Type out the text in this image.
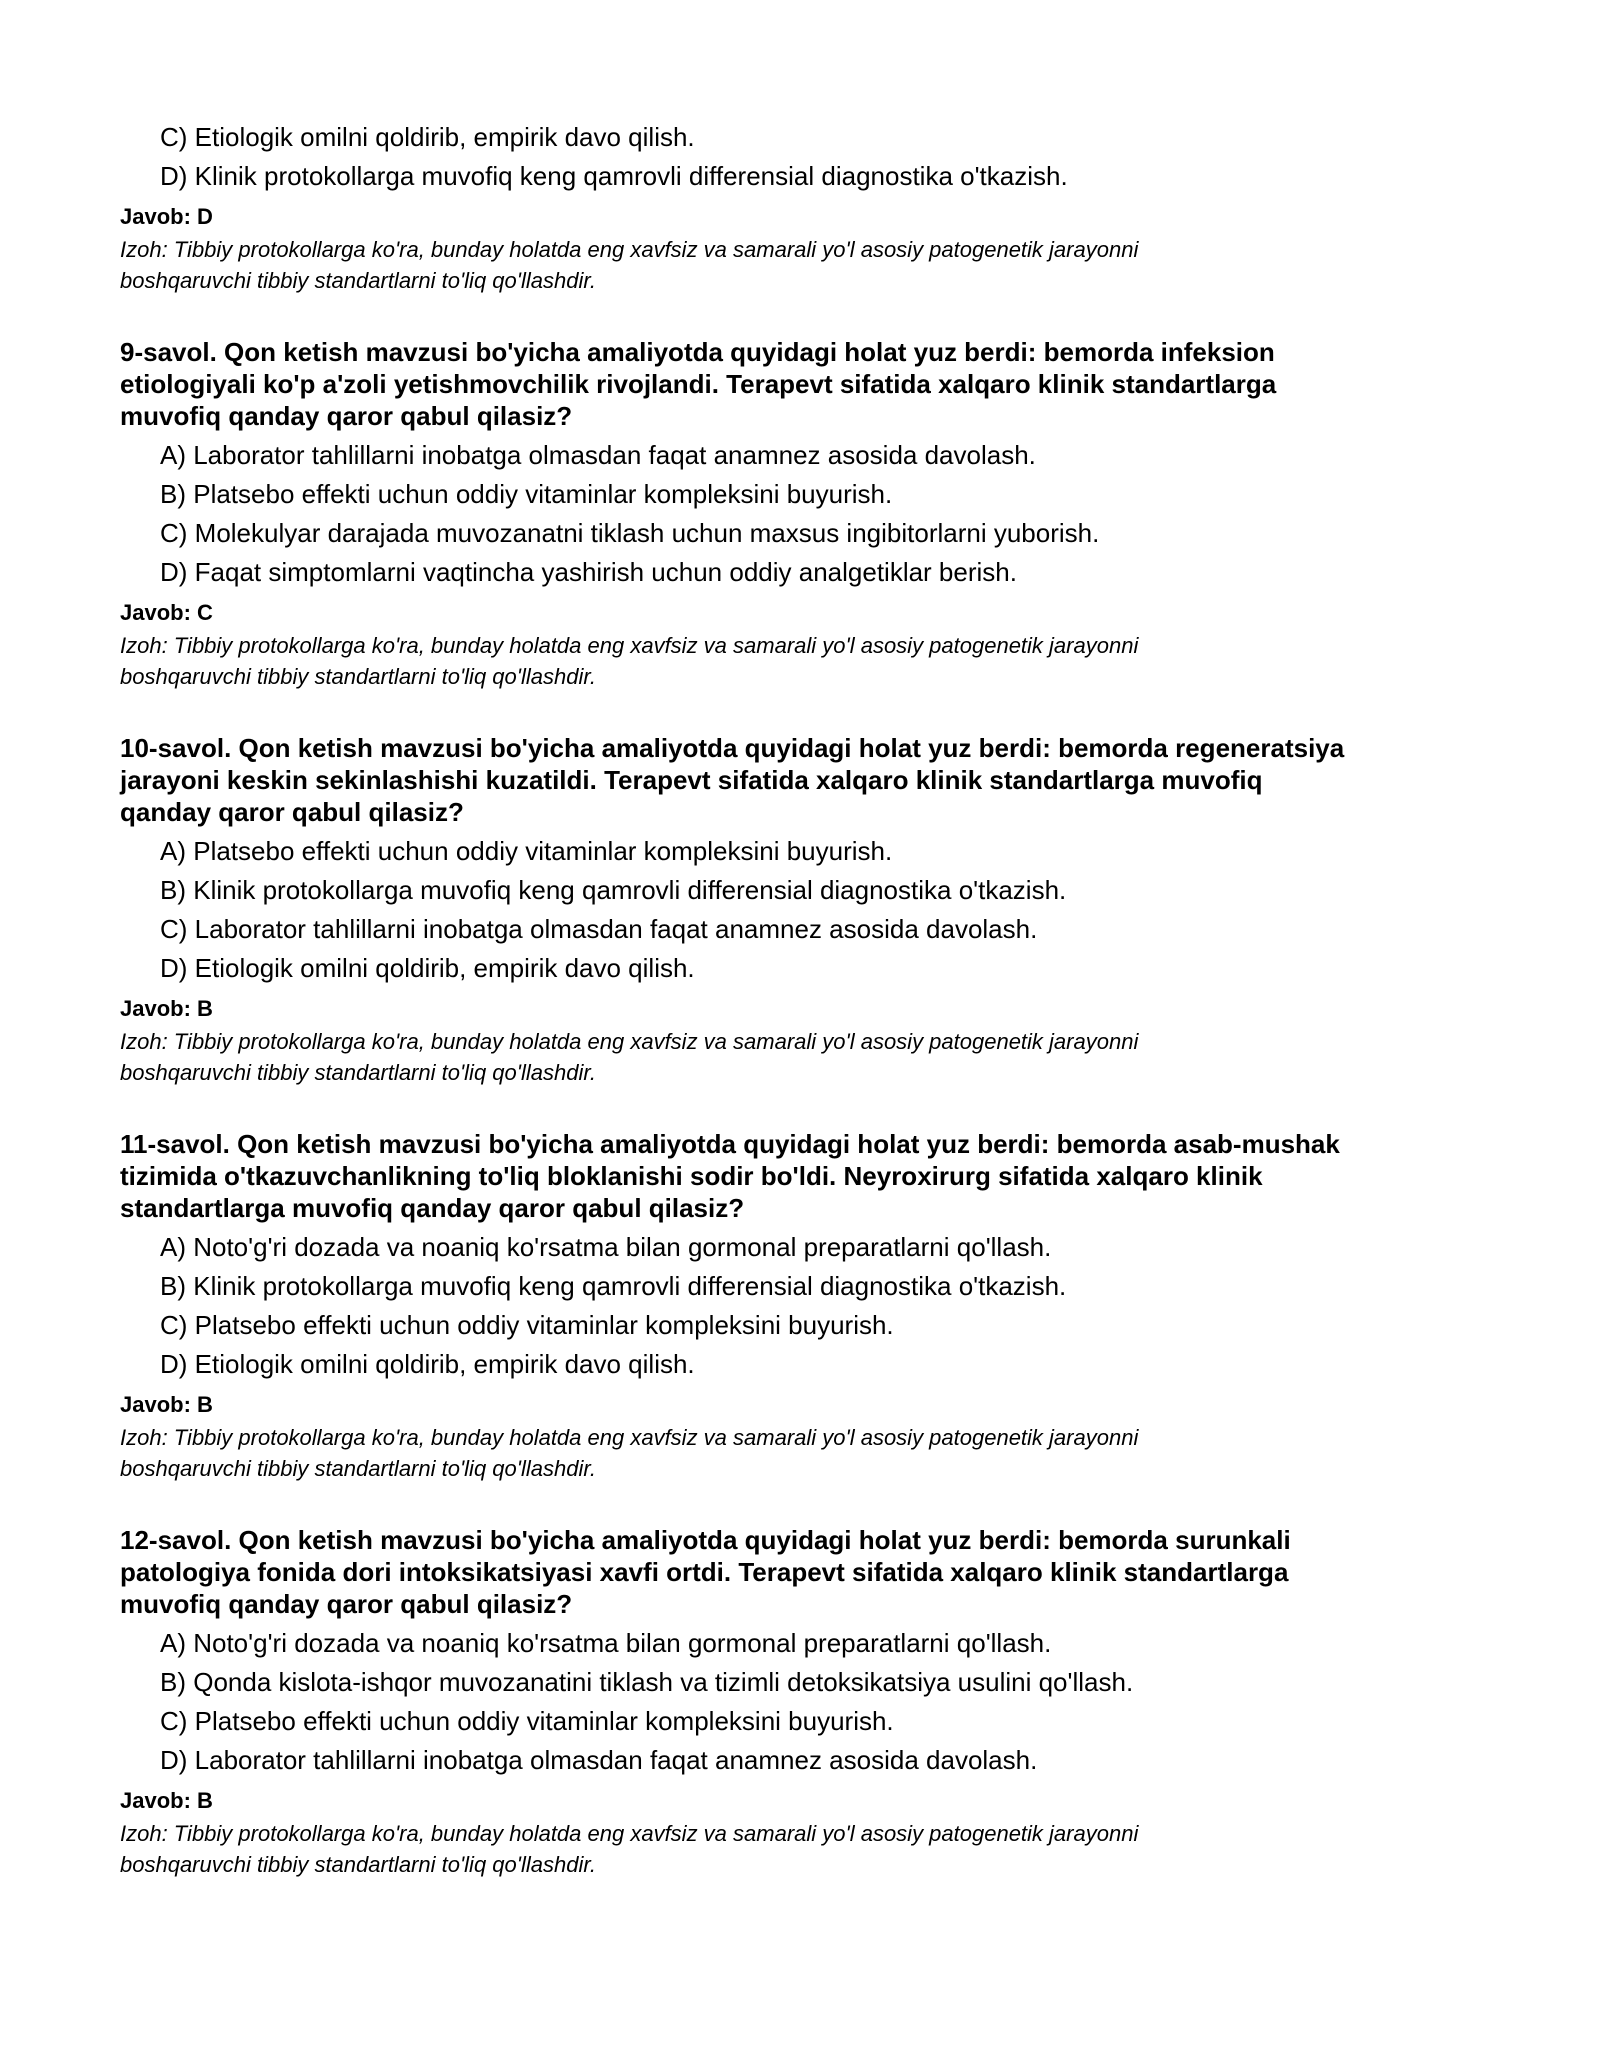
C) Etiologik omilni qoldirib, empirik davo qilish.
D) Klinik protokollarga muvofiq keng qamrovli differensial diagnostika o'tkazish.
Javob: D
Izoh: Tibbiy protokollarga ko'ra, bunday holatda eng xavfsiz va samarali yo'l asosiy patogenetik jarayonni
boshqaruvchi tibbiy standartlarni to'liq qo'llashdir.
9-savol. Qon ketish mavzusi bo'yicha amaliyotda quyidagi holat yuz berdi: bemorda infeksion
etiologiyali ko'p a'zoli yetishmovchilik rivojlandi. Terapevt sifatida xalqaro klinik standartlarga
muvofiq qanday qaror qabul qilasiz?
A) Laborator tahlillarni inobatga olmasdan faqat anamnez asosida davolash.
B) Platsebo effekti uchun oddiy vitaminlar kompleksini buyurish.
C) Molekulyar darajada muvozanatni tiklash uchun maxsus ingibitorlarni yuborish.
D) Faqat simptomlarni vaqtincha yashirish uchun oddiy analgetiklar berish.
Javob: C
Izoh: Tibbiy protokollarga ko'ra, bunday holatda eng xavfsiz va samarali yo'l asosiy patogenetik jarayonni
boshqaruvchi tibbiy standartlarni to'liq qo'llashdir.
10-savol. Qon ketish mavzusi bo'yicha amaliyotda quyidagi holat yuz berdi: bemorda regeneratsiya
jarayoni keskin sekinlashishi kuzatildi. Terapevt sifatida xalqaro klinik standartlarga muvofiq
qanday qaror qabul qilasiz?
A) Platsebo effekti uchun oddiy vitaminlar kompleksini buyurish.
B) Klinik protokollarga muvofiq keng qamrovli differensial diagnostika o'tkazish.
C) Laborator tahlillarni inobatga olmasdan faqat anamnez asosida davolash.
D) Etiologik omilni qoldirib, empirik davo qilish.
Javob: B
Izoh: Tibbiy protokollarga ko'ra, bunday holatda eng xavfsiz va samarali yo'l asosiy patogenetik jarayonni
boshqaruvchi tibbiy standartlarni to'liq qo'llashdir.
11-savol. Qon ketish mavzusi bo'yicha amaliyotda quyidagi holat yuz berdi: bemorda asab-mushak
tizimida o'tkazuvchanlikning to'liq bloklanishi sodir bo'ldi. Neyroxirurg sifatida xalqaro klinik
standartlarga muvofiq qanday qaror qabul qilasiz?
A) Noto'g'ri dozada va noaniq ko'rsatma bilan gormonal preparatlarni qo'llash.
B) Klinik protokollarga muvofiq keng qamrovli differensial diagnostika o'tkazish.
C) Platsebo effekti uchun oddiy vitaminlar kompleksini buyurish.
D) Etiologik omilni qoldirib, empirik davo qilish.
Javob: B
Izoh: Tibbiy protokollarga ko'ra, bunday holatda eng xavfsiz va samarali yo'l asosiy patogenetik jarayonni
boshqaruvchi tibbiy standartlarni to'liq qo'llashdir.
12-savol. Qon ketish mavzusi bo'yicha amaliyotda quyidagi holat yuz berdi: bemorda surunkali
patologiya fonida dori intoksikatsiyasi xavfi ortdi. Terapevt sifatida xalqaro klinik standartlarga
muvofiq qanday qaror qabul qilasiz?
A) Noto'g'ri dozada va noaniq ko'rsatma bilan gormonal preparatlarni qo'llash.
B) Qonda kislota-ishqor muvozanatini tiklash va tizimli detoksikatsiya usulini qo'llash.
C) Platsebo effekti uchun oddiy vitaminlar kompleksini buyurish.
D) Laborator tahlillarni inobatga olmasdan faqat anamnez asosida davolash.
Javob: B
Izoh: Tibbiy protokollarga ko'ra, bunday holatda eng xavfsiz va samarali yo'l asosiy patogenetik jarayonni
boshqaruvchi tibbiy standartlarni to'liq qo'llashdir.
